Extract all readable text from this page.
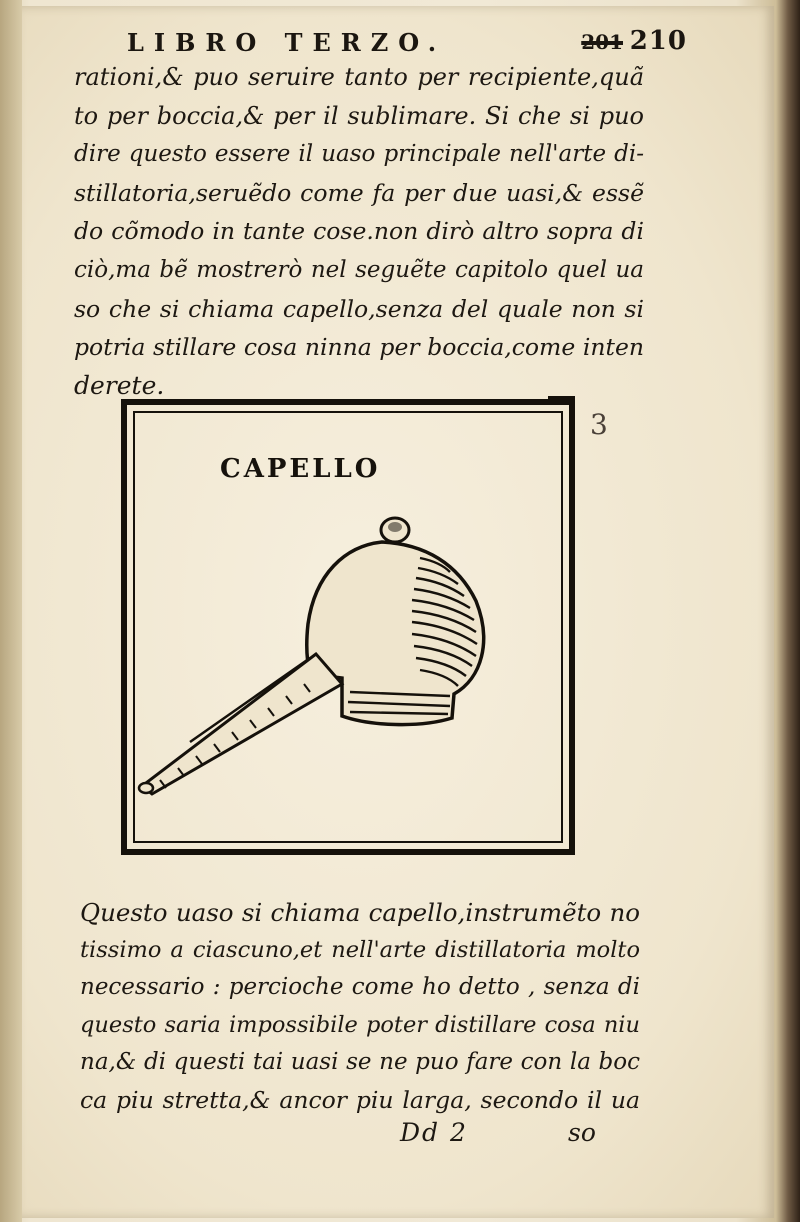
LIBRO TERZO.	201 210
rationi,& puo seruire tanto per recipiente,quã
to per boccia,& per il sublimare. Si che si puo
dire questo essere il uaso principale nell'arte di-
stillatoria,seruẽdo come fa per due uasi,& essẽ
do cõmodo in tante cose.non dirò altro sopra di
ciò,ma bẽ mostrerò nel seguẽte capitolo quel ua
so che si chiama capello,senza del quale non si
potria stillare cosa ninna per boccia,come inten
derete.
CAPELLO
3
Questo uaso si chiama capello,instrumẽto no
tissimo a ciascuno,et nell'arte distillatoria molto
necessario : percioche come ho detto , senza di
questo saria impossibile poter distillare cosa niu
na,& di questi tai uasi se ne puo fare con la boc
ca piu stretta,& ancor piu larga, secondo il ua
Dd 2	so
